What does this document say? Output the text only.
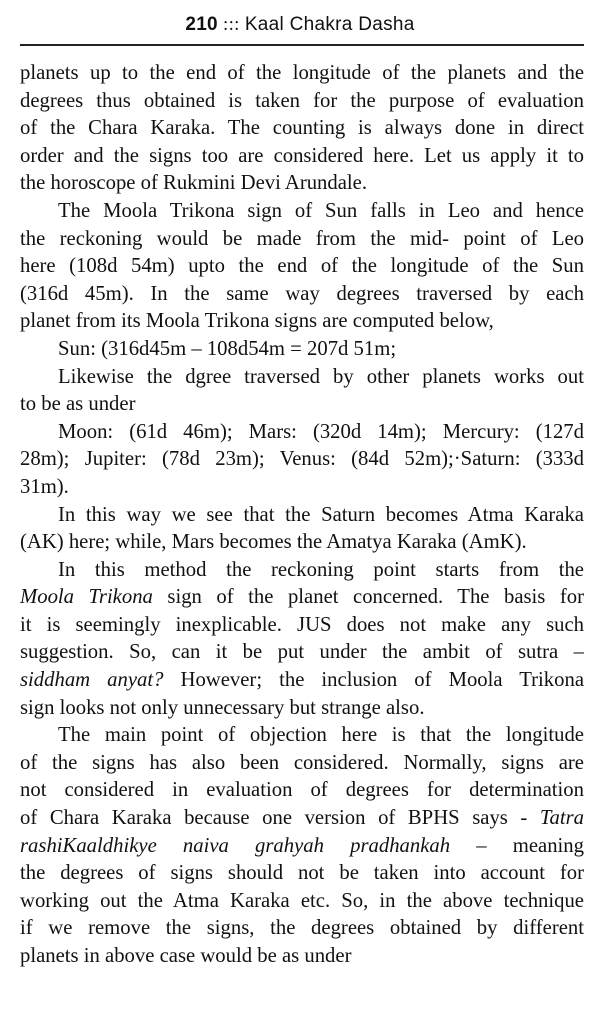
210 ::: Kaal Chakra Dasha
planets up to the end of the longitude of the planets and the
degrees thus obtained is taken for the purpose of evaluation
of the Chara Karaka. The counting is always done in direct
order and the signs too are considered here. Let us apply it to
the horoscope of Rukmini Devi Arundale.
The Moola Trikona sign of Sun falls in Leo and hence
the reckoning would be made from the mid- point of Leo
here (108d 54m) upto the end of the longitude of the Sun
(316d 45m). In the same way degrees traversed by each
planet from its Moola Trikona signs are computed below,
Sun: (316d45m – 108d54m = 207d 51m;
Likewise the dgree traversed by other planets works out
to be as under
Moon: (61d 46m); Mars: (320d 14m); Mercury: (127d
28m); Jupiter: (78d 23m); Venus: (84d 52m);·Saturn: (333d
31m).
In this way we see that the Saturn becomes Atma Karaka
(AK) here; while, Mars becomes the Amatya Karaka (AmK).
In this method the reckoning point starts from the
Moola Trikona sign of the planet concerned. The basis for
it is seemingly inexplicable. JUS does not make any such
suggestion. So, can it be put under the ambit of sutra –
siddham anyat? However; the inclusion of Moola Trikona
sign looks not only unnecessary but strange also.
The main point of objection here is that the longitude
of the signs has also been considered. Normally, signs are
not considered in evaluation of degrees for determination
of Chara Karaka because one version of BPHS says - Tatra
rashiKaaldhikye naiva grahyah pradhankah – meaning
the degrees of signs should not be taken into account for
working out the Atma Karaka etc. So, in the above technique
if we remove the signs, the degrees obtained by different
planets in above case would be as under
